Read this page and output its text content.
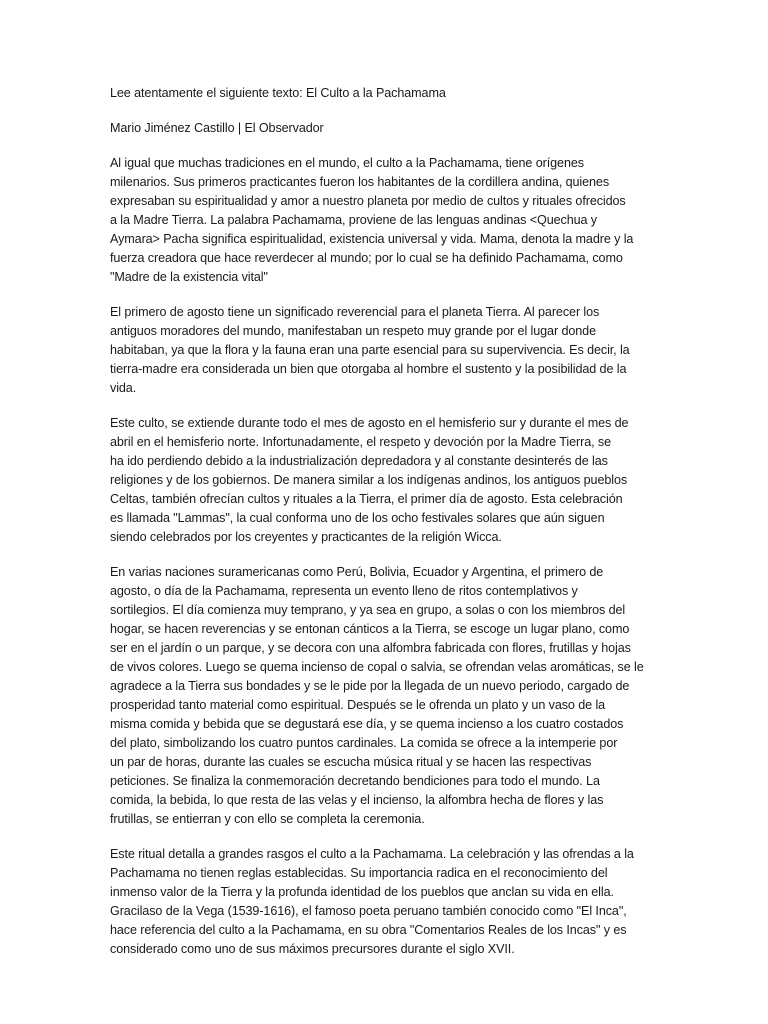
Lee atentamente el siguiente texto: El Culto a la Pachamama
Mario Jiménez Castillo | El Observador
Al igual que muchas tradiciones en el mundo, el culto a la Pachamama, tiene orígenes
milenarios. Sus primeros practicantes fueron los habitantes de la cordillera andina, quienes
expresaban su espiritualidad y amor a nuestro planeta por medio de cultos y rituales ofrecidos
a la Madre Tierra. La palabra Pachamama, proviene de las lenguas andinas <Quechua y
Aymara> Pacha significa espiritualidad, existencia universal y vida. Mama, denota la madre y la
fuerza creadora que hace reverdecer al mundo; por lo cual se ha definido Pachamama, como
"Madre de la existencia vital"
El primero de agosto tiene un significado reverencial para el planeta Tierra. Al parecer los
antiguos moradores del mundo, manifestaban un respeto muy grande por el lugar donde
habitaban, ya que la flora y la fauna eran una parte esencial para su supervivencia. Es decir, la
tierra-madre era considerada un bien que otorgaba al hombre el sustento y la posibilidad de la
vida.
Este culto, se extiende durante todo el mes de agosto en el hemisferio sur y durante el mes de
abril en el hemisferio norte. Infortunadamente, el respeto y devoción por la Madre Tierra, se
ha ido perdiendo debido a la industrialización depredadora y al constante desinterés de las
religiones y de los gobiernos. De manera similar a los indígenas andinos, los antiguos pueblos
Celtas, también ofrecían cultos y rituales a la Tierra, el primer día de agosto. Esta celebración
es llamada "Lammas", la cual conforma uno de los ocho festivales solares que aún siguen
siendo celebrados por los creyentes y practicantes de la religión Wicca.
En varias naciones suramericanas como Perú, Bolivia, Ecuador y Argentina, el primero de
agosto, o día de la Pachamama, representa un evento lleno de ritos contemplativos y
sortilegios. El día comienza muy temprano, y ya sea en grupo, a solas o con los miembros del
hogar, se hacen reverencias y se entonan cánticos a la Tierra, se escoge un lugar plano, como
ser en el jardín o un parque, y se decora con una alfombra fabricada con flores, frutillas y hojas
de vivos colores. Luego se quema incienso de copal o salvia, se ofrendan velas aromáticas, se le
agradece a la Tierra sus bondades y se le pide por la llegada de un nuevo periodo, cargado de
prosperidad tanto material como espiritual. Después se le ofrenda un plato y un vaso de la
misma comida y bebida que se degustará ese día, y se quema incienso a los cuatro costados
del plato, simbolizando los cuatro puntos cardinales. La comida se ofrece a la intemperie por
un par de horas, durante las cuales se escucha música ritual y se hacen las respectivas
peticiones. Se finaliza la conmemoración decretando bendiciones para todo el mundo. La
comida, la bebida, lo que resta de las velas y el incienso, la alfombra hecha de flores y las
frutillas, se entierran y con ello se completa la ceremonia.
Este ritual detalla a grandes rasgos el culto a la Pachamama. La celebración y las ofrendas a la
Pachamama no tienen reglas establecidas. Su importancia radica en el reconocimiento del
inmenso valor de la Tierra y la profunda identidad de los pueblos que anclan su vida en ella.
Gracilaso de la Vega (1539-1616), el famoso poeta peruano también conocido como "El Inca",
hace referencia del culto a la Pachamama, en su obra "Comentarios Reales de los Incas" y es
considerado como uno de sus máximos precursores durante el siglo XVII.
